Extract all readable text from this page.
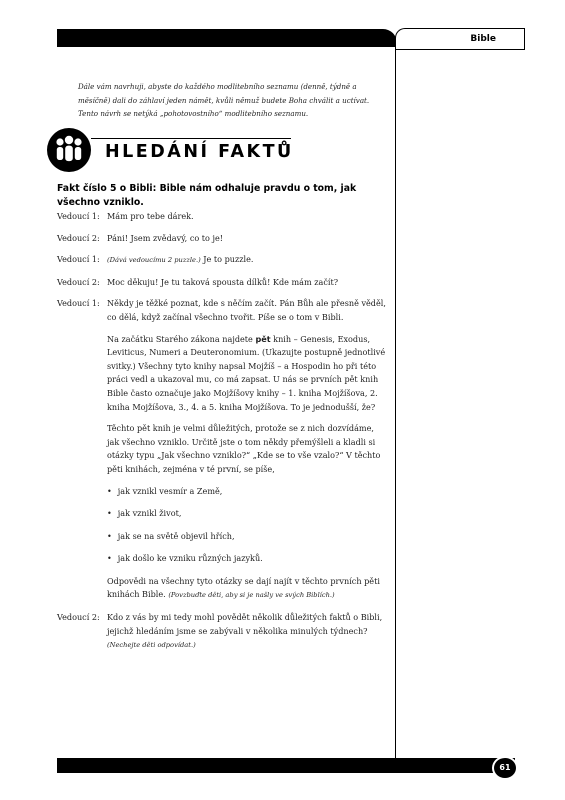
Bible
Dále vám navrhuji, abyste do každého modlitebního seznamu (denně, týdně a měsíčně) dali do záhlaví jeden námět, kvůli němuž budete Boha chválit a uctívat. Tento návrh se netýká „pohotovostního“ modlitebního seznamu.
HLEDÁNÍ FAKTŮ
Fakt číslo 5 o Bibli: Bible nám odhaluje pravdu o tom, jak všechno vzniklo.
Vedoucí 1: Mám pro tebe dárek.
Vedoucí 2: Páni! Jsem zvědavý, co to je!
Vedoucí 1:	(Dává vedoucímu 2 puzzle.) Je to puzzle.
Vedoucí 2: Moc děkuju! Je tu taková spousta dílků! Kde mám začít?
Vedoucí 1: Někdy je těžké poznat, kde s něčím začít. Pán Bůh ale přesně věděl, co dělá, když začínal všechno tvořit. Píše se o tom v Bibli.

Na začátku Starého zákona najdete pět knih – Genesis, Exodus, Leviticus, Numeri a Deuteronomium. (Ukazujte postupně jednotlivé svitky.) Všechny tyto knihy napsal Mojžíš – a Hospodin ho při této práci vedl a ukazoval mu, co má zapsat. U nás se prvních pět knih Bible často označuje jako Mojžíšovy knihy – 1. kniha Mojžíšova, 2. kniha Mojžíšova, 3., 4. a 5. kniha Mojžíšova. To je jednodušší, že?

Těchto pět knih je velmi důležitých, protože se z nich dozvídáme, jak všechno vzniklo. Určitě jste o tom někdy přemýšleli a kladli si otázky typu „Jak všechno vzniklo?“ „Kde se to vše vzalo?“ V těchto pěti knihách, zejména v té první, se píše,

• jak vznikl vesmír a Země,
• jak vznikl život,
• jak se na světě objevil hřích,
• jak došlo ke vzniku různých jazyků.

Odpovědi na všechny tyto otázky se dají najít v těchto prvních pěti knihách Bible. (Povzbuďte děti, aby si je našly ve svých Biblích.)

Vedoucí 2: Kdo z vás by mi tedy mohl povědět několik důležitých faktů o Bibli, jejichž hledáním jsme se zabývali v několika minulých týdnech? (Nechejte děti odpovídat.)
61
